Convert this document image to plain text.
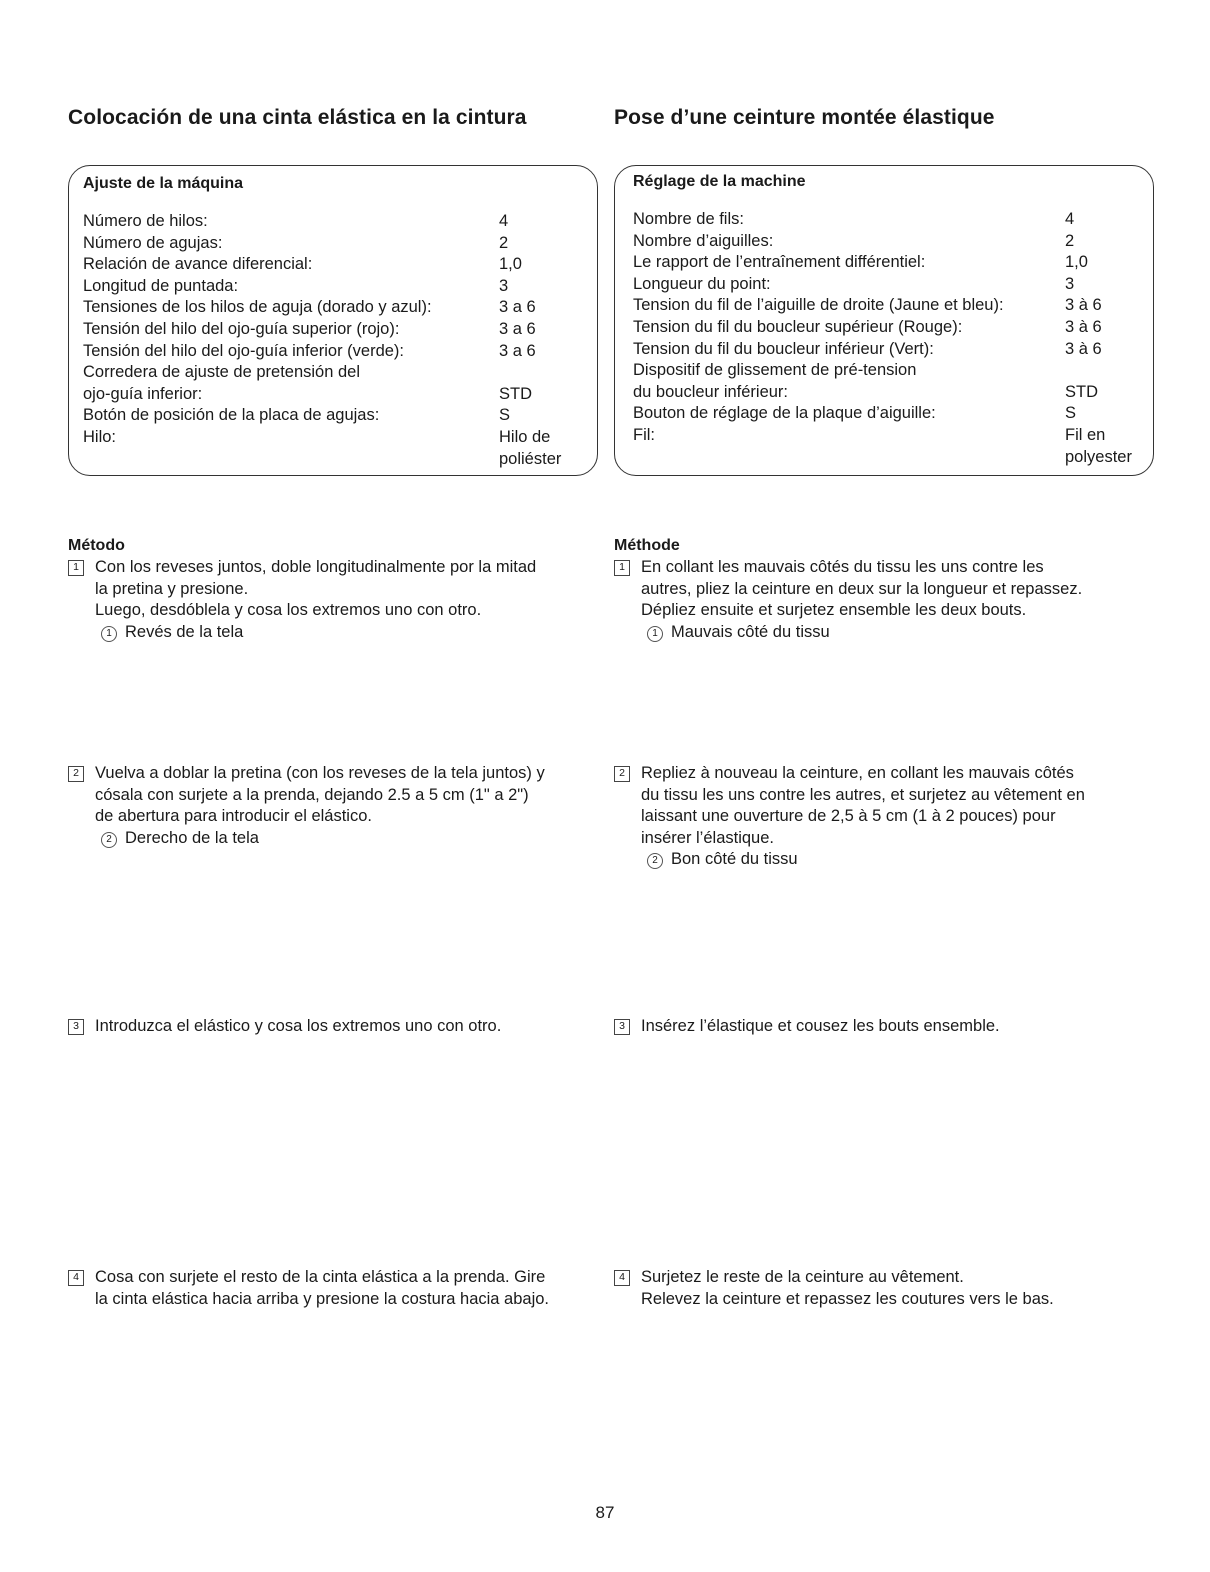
Colocación de una cinta elástica en la cintura	Pose d’une ceinture montée élastique
Ajuste de la máquina
Número de hilos:	4
Número de agujas:	2
Relación de avance diferencial:	1,0
Longitud de puntada:	3
Tensiones de los hilos de aguja (dorado y azul):	3 a 6
Tensión del hilo del ojo-guía superior (rojo):	3 a 6
Tensión del hilo del ojo-guía inferior (verde):	3 a 6
Corredera de ajuste de pretensión del
ojo-guía inferior:	STD
Botón de posición de la placa de agujas:	S
Hilo:	Hilo de
poliéster
Réglage de la machine
Nombre de fils:	4
Nombre d’aiguilles:	2
Le rapport de l’entraînement différentiel:	1,0
Longueur du point:	3
Tension du fil de l’aiguille de droite (Jaune et bleu):	3 à 6
Tension du fil du boucleur supérieur (Rouge):	3 à 6
Tension du fil du boucleur inférieur (Vert):	3 à 6
Dispositif de glissement de pré-tension
du boucleur inférieur:	STD
Bouton de réglage de la plaque d’aiguille:	S
Fil:	Fil en
polyester
Método	Méthode
1 Con los reveses juntos, doble longitudinalmente por la mitad
la pretina y presione.
Luego, desdóblela y cosa los extremos uno con otro.
1 Revés de la tela
2 Vuelva a doblar la pretina (con los reveses de la tela juntos) y
cósala con surjete a la prenda, dejando 2.5 a 5 cm (1" a 2")
de abertura para introducir el elástico.
2 Derecho de la tela
3 Introduzca el elástico y cosa los extremos uno con otro.
4 Cosa con surjete el resto de la cinta elástica a la prenda. Gire
la cinta elástica hacia arriba y presione la costura hacia abajo.
1 En collant les mauvais côtés du tissu les uns contre les
autres, pliez la ceinture en deux sur la longueur et repassez.
Dépliez ensuite et surjetez ensemble les deux bouts.
1 Mauvais côté du tissu
2 Repliez à nouveau la ceinture, en collant les mauvais côtés
du tissu les uns contre les autres, et surjetez au vêtement en
laissant une ouverture de 2,5 à 5 cm (1 à 2 pouces) pour
insérer l’élastique.
2 Bon côté du tissu
3 Insérez l’élastique et cousez les bouts ensemble.
4 Surjetez le reste de la ceinture au vêtement.
Relevez la ceinture et repassez les coutures vers le bas.
87
